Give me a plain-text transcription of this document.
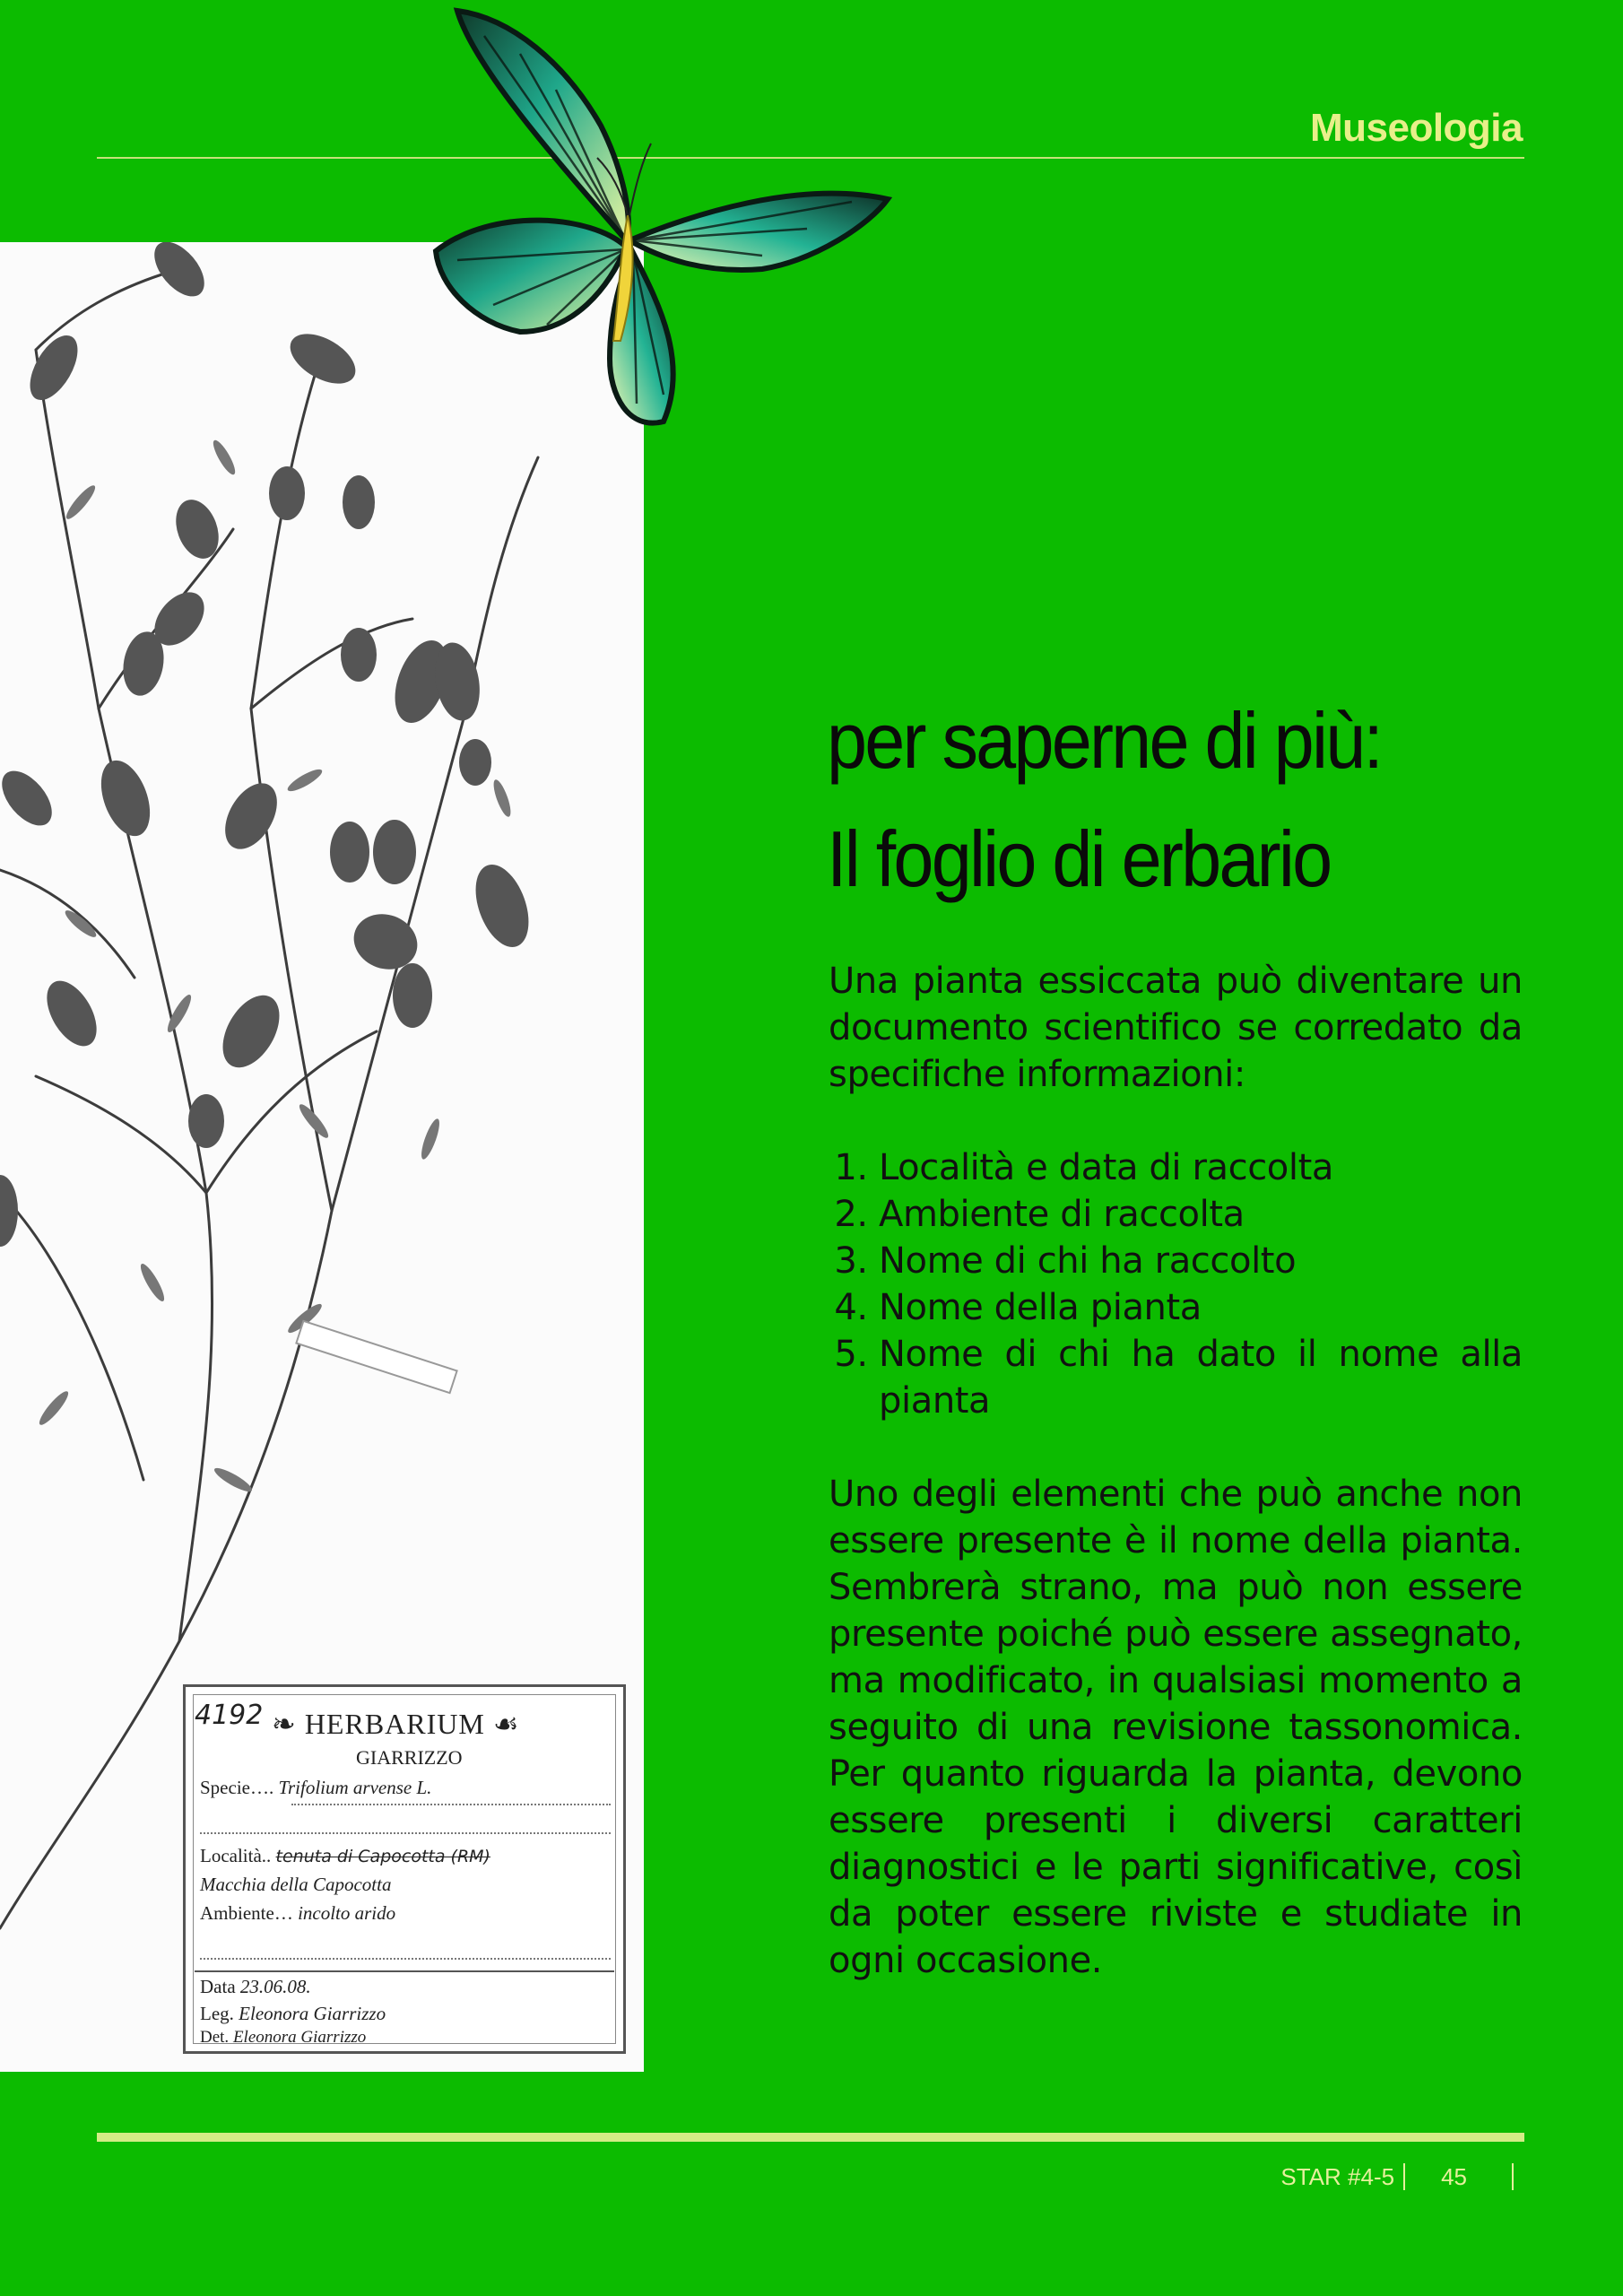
Museologia
4192 ❧ HERBARIUM ☙
GIARRIZZO
Specie…. Trifolium arvense L.
Località.. tenuta di Capocotta (RM)
Macchia della Capocotta
Ambiente… incolto arido
Data 23.06.08.
Leg. Eleonora Giarrizzo
Det. Eleonora Giarrizzo
per saperne di più:
Il foglio di erbario

Una pianta essiccata può diventare un documento scientifico se corredato da specifiche informazioni:

1. Località e data di raccolta
2. Ambiente di raccolta
3. Nome di chi ha raccolto
4. Nome della pianta
5. Nome di chi ha dato il nome alla pianta

Uno degli elementi che può anche non essere presente è il nome della pianta. Sembrerà strano, ma può non essere presente poiché può essere assegnato, ma modificato, in qualsiasi momento a seguito di una revisione tassonomica. Per quanto riguarda la pianta, devono essere presenti i diversi caratteri diagnostici e le parti significative, così da poter essere riviste e studiate in ogni occasione.

STAR #4-5 45
